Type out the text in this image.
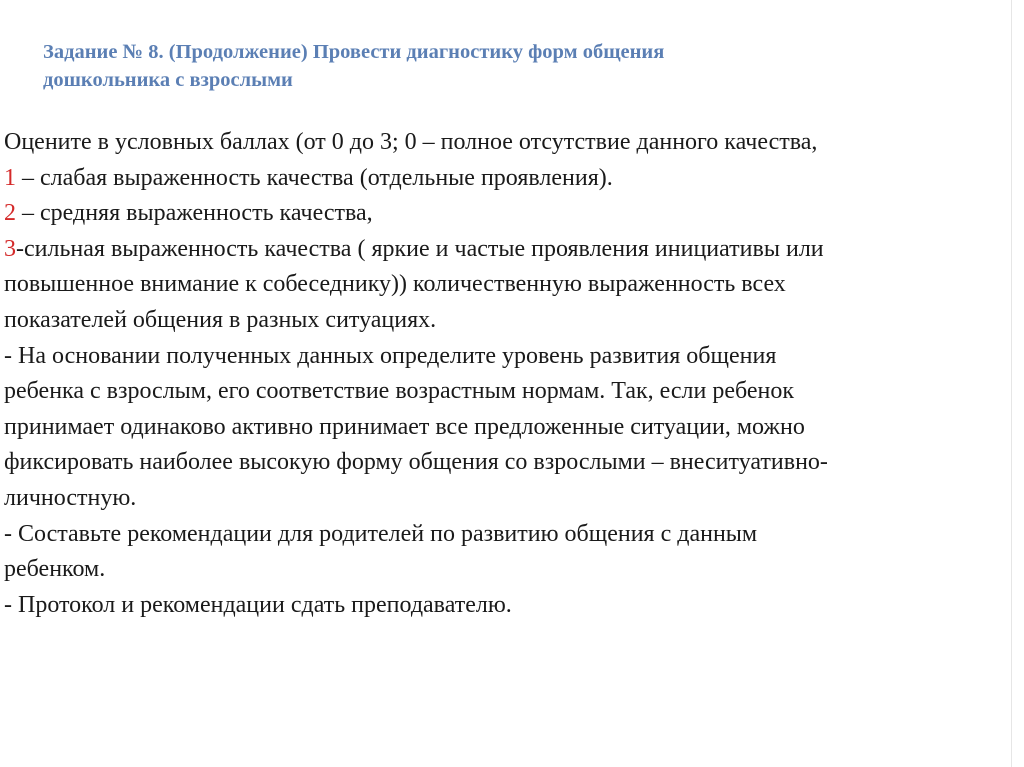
Задание № 8. (Продолжение) Провести диагностику форм общения
дошкольника с взрослыми
Оцените в условных баллах (от 0 до 3; 0 – полное отсутствие данного качества,
1 – слабая выраженность качества (отдельные проявления).
2 – средняя выраженность качества,
3-сильная выраженность качества ( яркие и частые проявления инициативы или
повышенное внимание к собеседнику)) количественную выраженность всех
показателей общения в разных ситуациях.
- На основании полученных данных определите уровень развития общения
ребенка с взрослым, его соответствие возрастным нормам. Так, если ребенок
принимает одинаково активно принимает все предложенные ситуации, можно
фиксировать наиболее высокую форму общения со взрослыми – внеситуативно-
личностную.
- Составьте рекомендации для родителей по развитию общения с данным
ребенком.
- Протокол и рекомендации сдать преподавателю.
